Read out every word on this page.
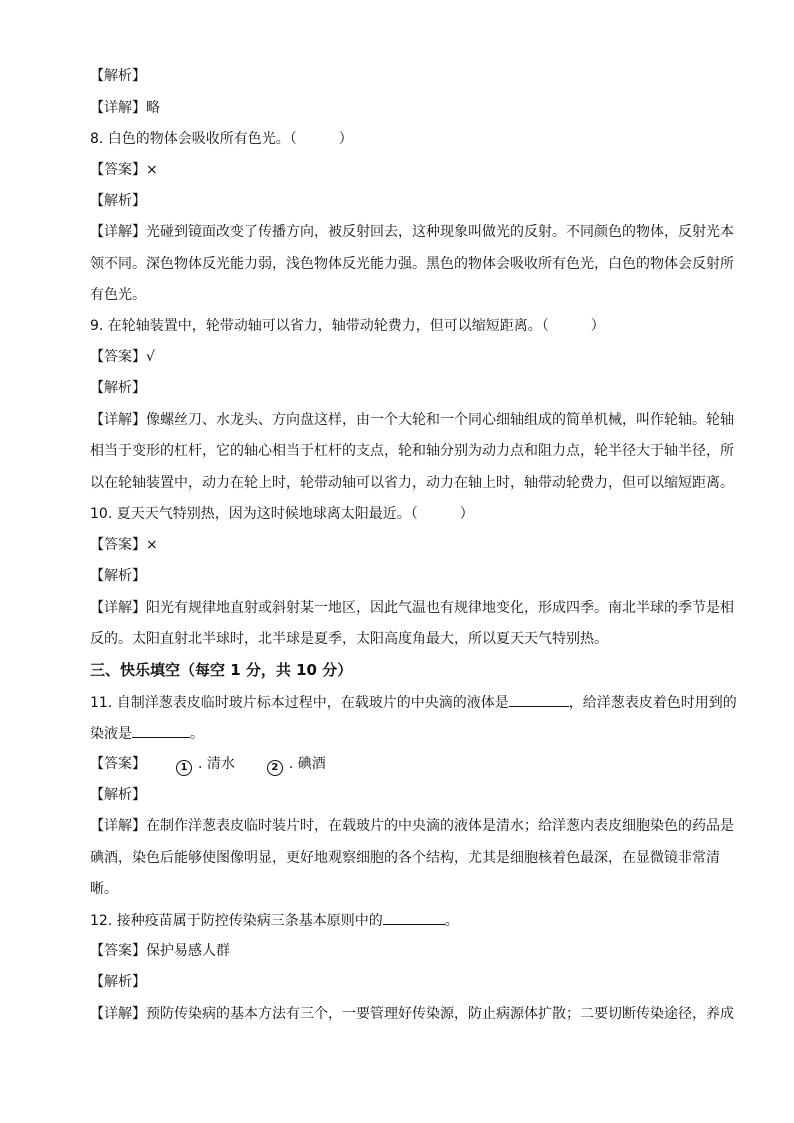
【解析】
【详解】略
8. 白色的物体会吸收所有色光。（　　　）
【答案】×
【解析】
【详解】光碰到镜面改变了传播方向，被反射回去，这种现象叫做光的反射。不同颜色的物体，反射光本
领不同。深色物体反光能力弱，浅色物体反光能力强。黑色的物体会吸收所有色光，白色的物体会反射所
有色光。
9. 在轮轴装置中，轮带动轴可以省力，轴带动轮费力，但可以缩短距离。（　　　）
【答案】√
【解析】
【详解】像螺丝刀、水龙头、方向盘这样，由一个大轮和一个同心细轴组成的简单机械，叫作轮轴。轮轴
相当于变形的杠杆，它的轴心相当于杠杆的支点，轮和轴分别为动力点和阻力点，轮半径大于轴半径，所
以在轮轴装置中，动力在轮上时，轮带动轴可以省力，动力在轴上时，轴带动轮费力，但可以缩短距离。
10. 夏天天气特别热，因为这时候地球离太阳最近。（　　　）
【答案】×
【解析】
【详解】阳光有规律地直射或斜射某一地区，因此气温也有规律地变化，形成四季。南北半球的季节是相
反的。太阳直射北半球时，北半球是夏季，太阳高度角最大，所以夏天天气特别热。
三、快乐填空（每空 1 分，共 10 分）
11. 自制洋葱表皮临时玻片标本过程中，在载玻片的中央滴的液体是	，给洋葱表皮着色时用到的
染液是	。
【答案】	1 . 清水	2 . 碘酒
【解析】
【详解】在制作洋葱表皮临时装片时，在载玻片的中央滴的液体是清水；给洋葱内表皮细胞染色的药品是
碘酒，染色后能够使图像明显，更好地观察细胞的各个结构，尤其是细胞核着色最深，在显微镜非常清
晰。
12. 接种疫苗属于防控传染病三条基本原则中的	。
【答案】保护易感人群
【解析】
【详解】预防传染病的基本方法有三个，一要管理好传染源，防止病源体扩散；二要切断传染途径，养成
